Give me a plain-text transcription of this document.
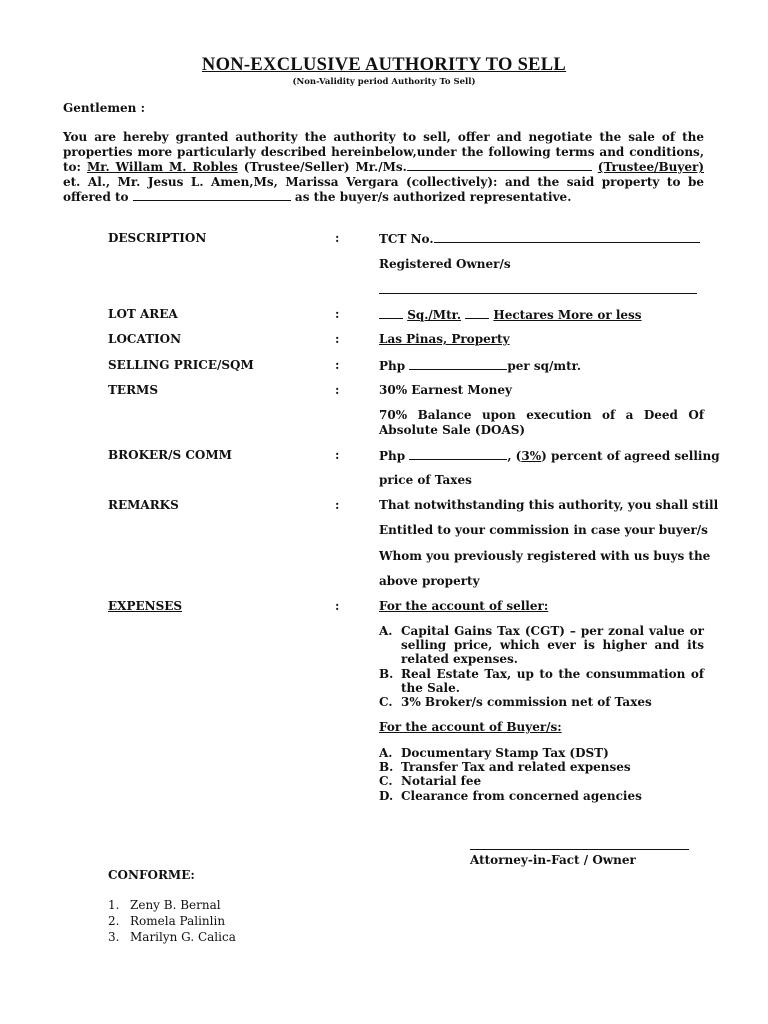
NON-EXCLUSIVE AUTHORITY TO SELL
(Non-Validity period Authority To Sell)
Gentlemen :
You are hereby granted authority the authority to sell, offer and negotiate the sale of the properties more particularly described hereinbelow,under the following terms and conditions, to: Mr. Willam M. Robles (Trustee/Seller) Mr./Ms.	(Trustee/Buyer) et. Al., Mr. Jesus L. Amen,Ms, Marissa Vergara (collectively): and the said property to be offered to	as the buyer/s authorized representative.
DESCRIPTION	:	TCT No.
Registered Owner/s
LOT AREA	:	Sq./Mtr.	Hectares More or less
LOCATION	:	Las Pinas, Property
SELLING PRICE/SQM	:	Php	per sq/mtr.
TERMS	:	30% Earnest Money
70% Balance upon execution of a Deed Of Absolute Sale (DOAS)
BROKER/S COMM	:	Php	, (3%) percent of agreed selling
price of Taxes
REMARKS	:	That notwithstanding this authority, you shall still
Entitled to your commission in case your buyer/s
Whom you previously registered with us buys the
above property
EXPENSES	:	For the account of seller:
A. Capital Gains Tax (CGT) – per zonal value or selling price, which ever is higher and its related expenses.
B. Real Estate Tax, up to the consummation of the Sale.
C. 3% Broker/s commission net of Taxes
For the account of Buyer/s:
A. Documentary Stamp Tax (DST)
B. Transfer Tax and related expenses
C. Notarial fee
D. Clearance from concerned agencies
Attorney-in-Fact / Owner
CONFORME:
1. Zeny B. Bernal
2. Romela Palinlin
3. Marilyn G. Calica
